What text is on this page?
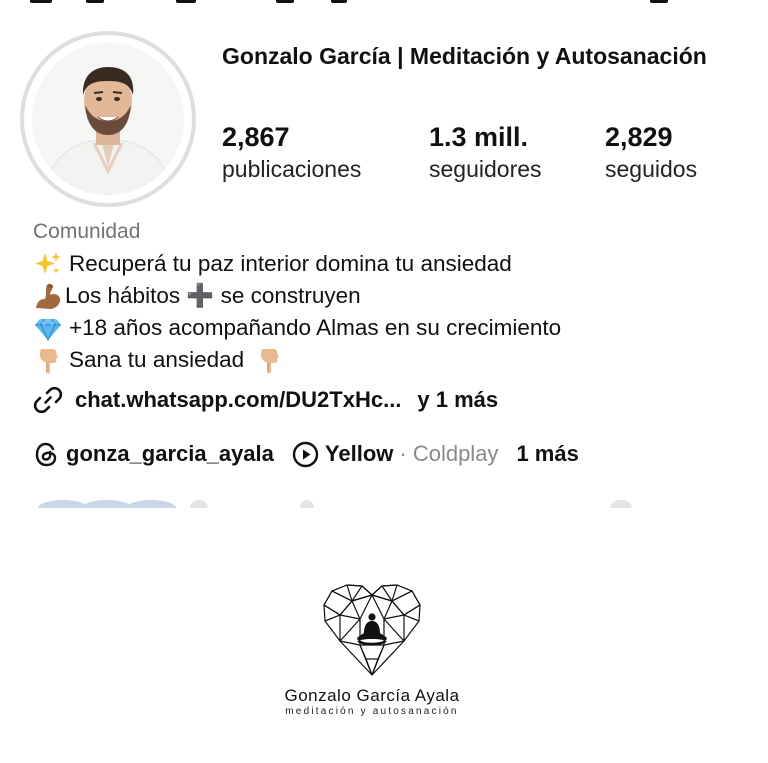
Gonzalo García | Meditación y Autosanación
2,867
publicaciones
1.3 mill.
seguidores
2,829
seguidos
Comunidad
Recuperá tu paz interior domina tu ansiedad
Los hábitos ➕ se construyen
+18 años acompañando Almas en su crecimiento
Sana tu ansiedad
chat.whatsapp.com/DU2TxHc... y 1 más
gonza_garcia_ayala Yellow · Coldplay 1 más
Gonzalo García Ayala
meditación y autosanación
